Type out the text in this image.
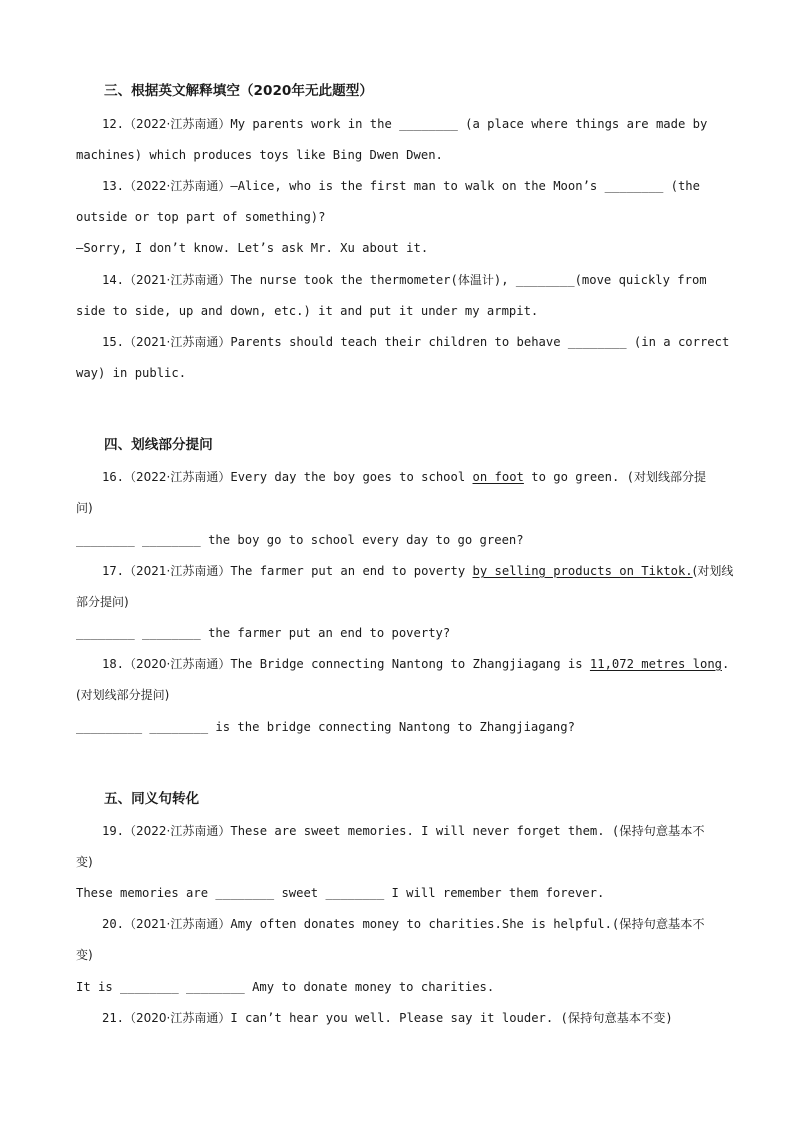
三、根据英文解释填空（2020年无此题型）
12.（2022·江苏南通）My parents work in the ________ (a place where things are made by
machines) which produces toys like Bing Dwen Dwen.
13.（2022·江苏南通）—Alice, who is the first man to walk on the Moon’s ________ (the
outside or top part of something)?
—Sorry, I don’t know. Let’s ask Mr. Xu about it.
14.（2021·江苏南通）The nurse took the thermometer(体温计), ________(move quickly from
side to side, up and down, etc.) it and put it under my armpit.
15.（2021·江苏南通）Parents should teach their children to behave ________ (in a correct
way) in public.
四、划线部分提问
16.（2022·江苏南通）Every day the boy goes to school on foot to go green. (对划线部分提
问)
________ ________ the boy go to school every day to go green?
17.（2021·江苏南通）The farmer put an end to poverty by selling products on Tiktok.(对划线
部分提问)
________ ________ the farmer put an end to poverty?
18.（2020·江苏南通）The Bridge connecting Nantong to Zhangjiagang is 11,072 metres long.
(对划线部分提问)
_________ ________ is the bridge connecting Nantong to Zhangjiagang?
五、同义句转化
19.（2022·江苏南通）These are sweet memories. I will never forget them. (保持句意基本不
变)
These memories are ________ sweet ________ I will remember them forever.
20.（2021·江苏南通）Amy often donates money to charities.She is helpful.(保持句意基本不
变)
It is ________ ________ Amy to donate money to charities.
21.（2020·江苏南通）I can’t hear you well. Please say it louder. (保持句意基本不变)
